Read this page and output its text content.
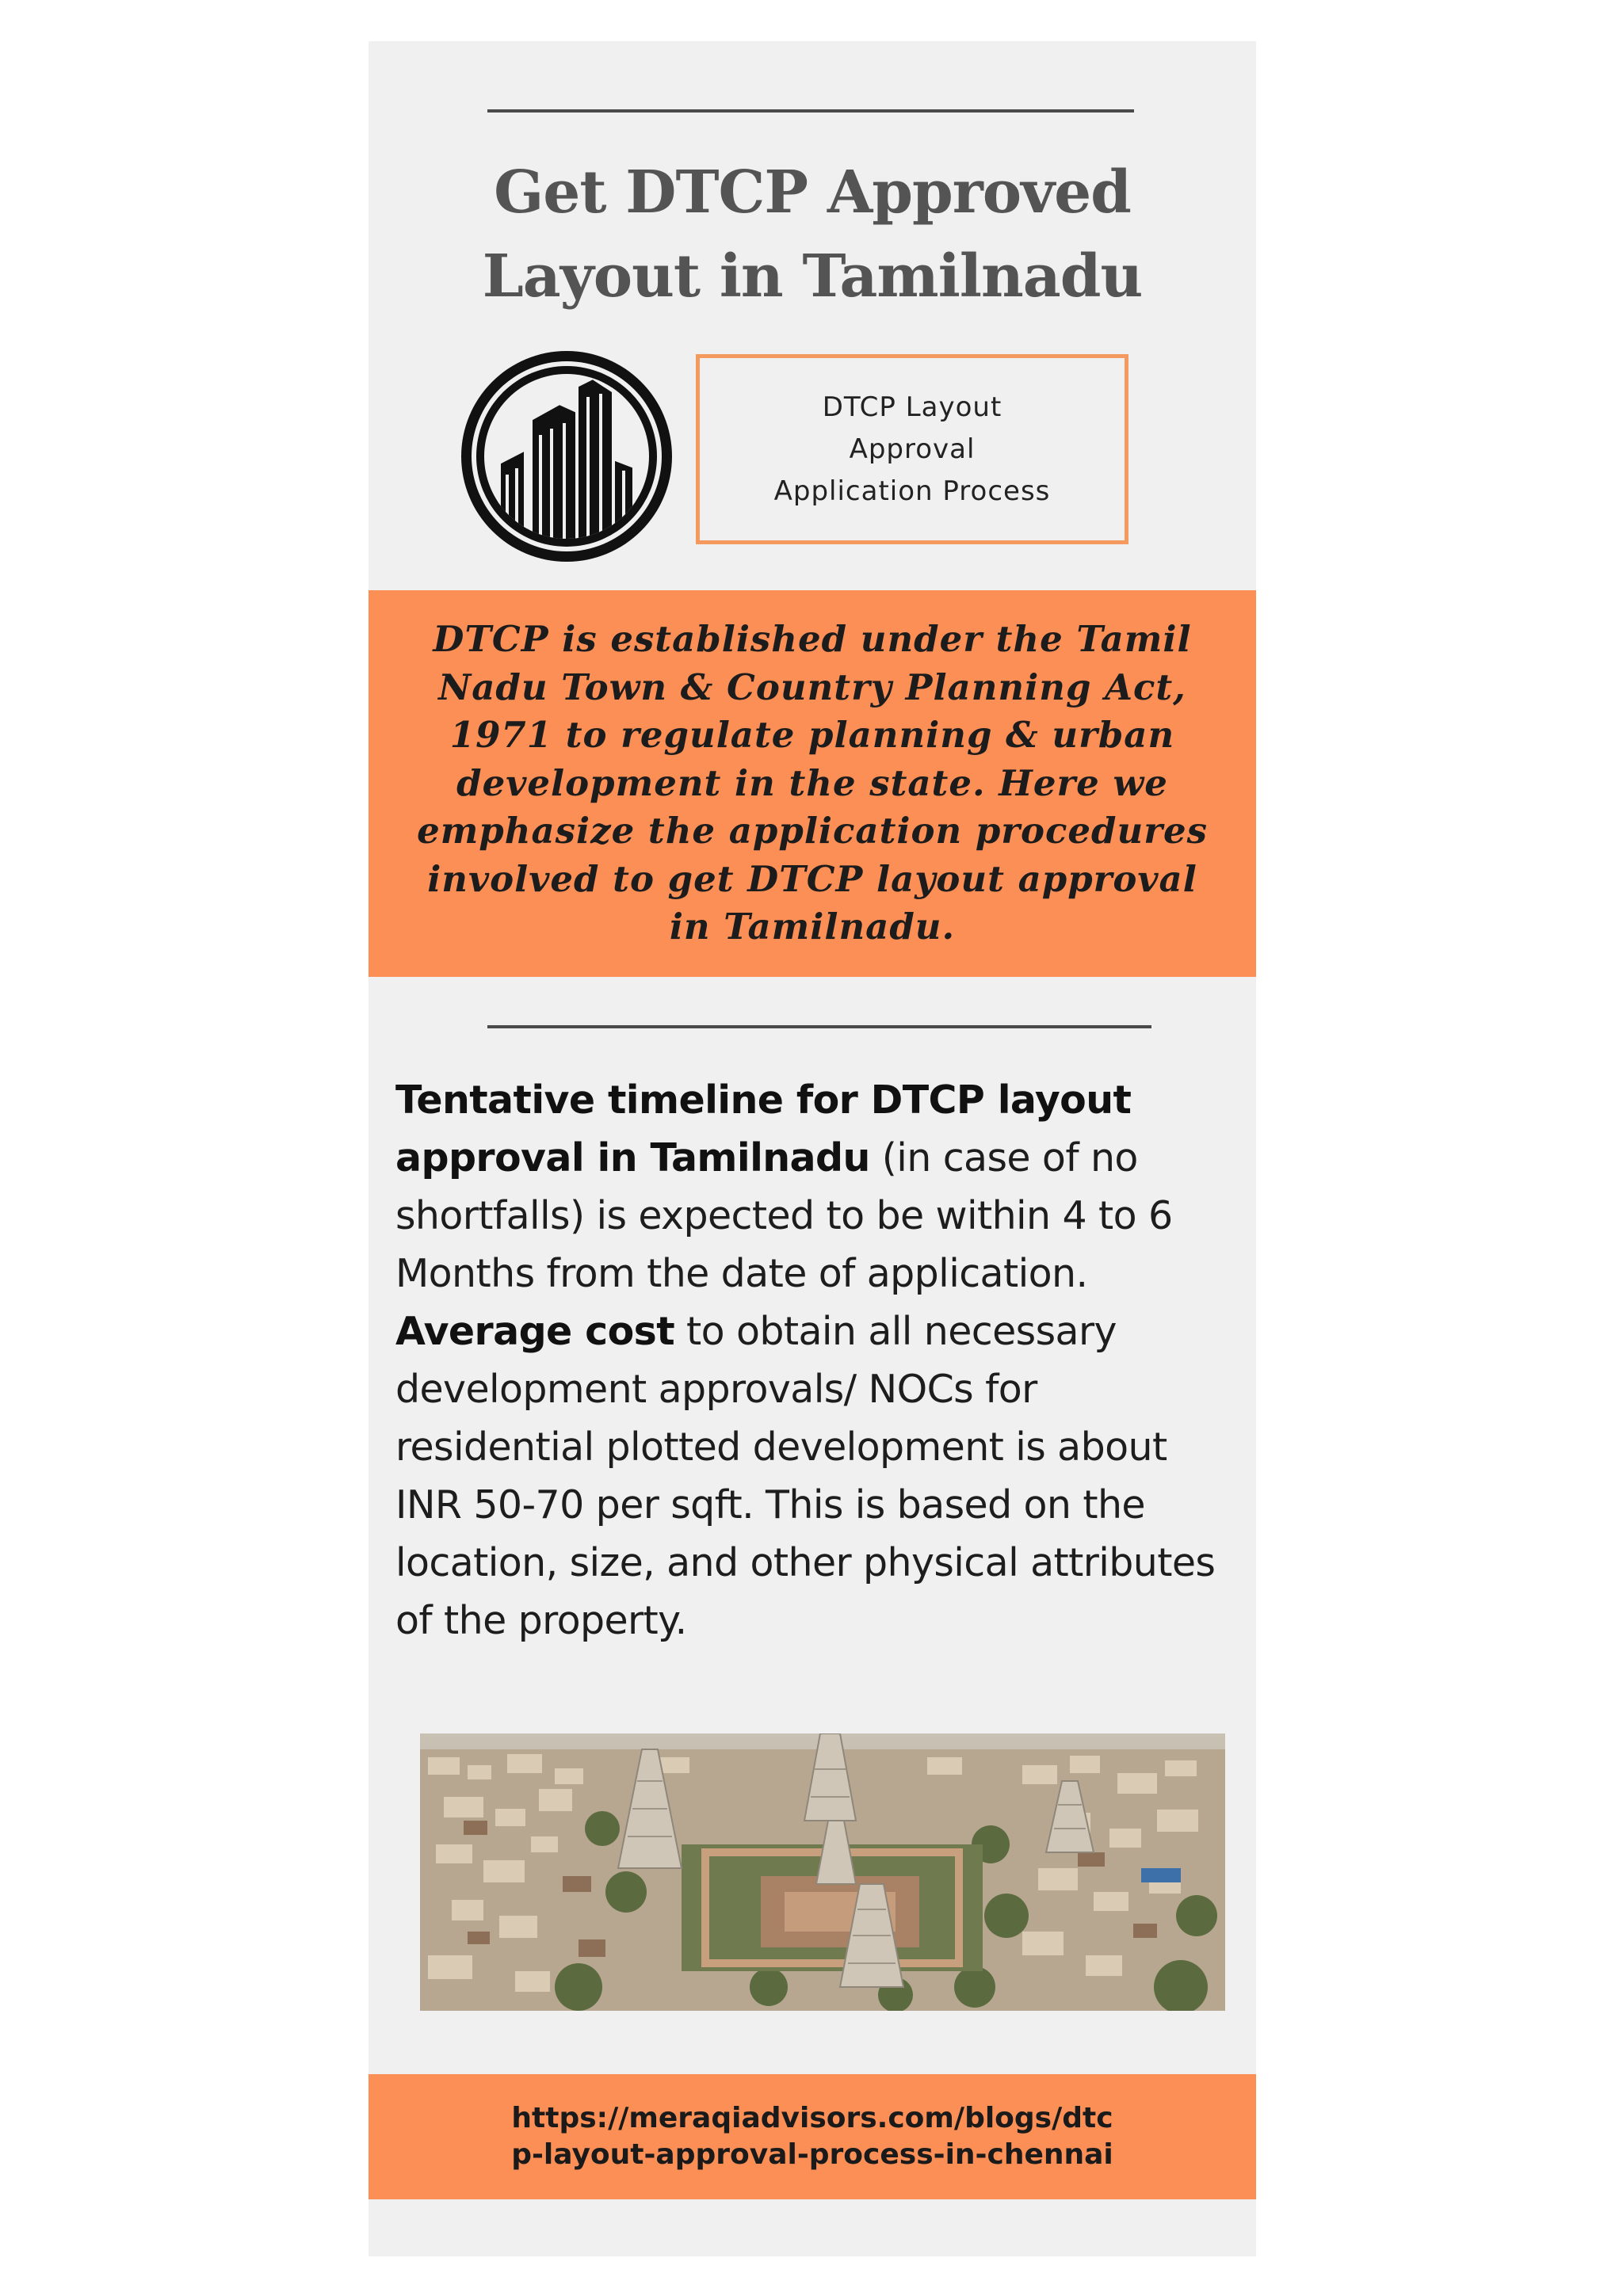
Get DTCP Approved
Layout in Tamilnadu
DTCP Layout
Approval
Application Process
DTCP is established under the Tamil Nadu Town & Country Planning Act, 1971 to regulate planning & urban development in the state. Here we emphasize the application procedures involved to get DTCP layout approval in Tamilnadu.
Tentative timeline for DTCP layout approval in Tamilnadu (in case of no shortfalls) is expected to be within 4 to 6 Months from the date of application.
Average cost to obtain all necessary development approvals/ NOCs for residential plotted development is about INR 50-70 per sqft. This is based on the location, size, and other physical attributes of the property.
https://meraqiadvisors.com/blogs/dtcp-layout-approval-process-in-chennai
